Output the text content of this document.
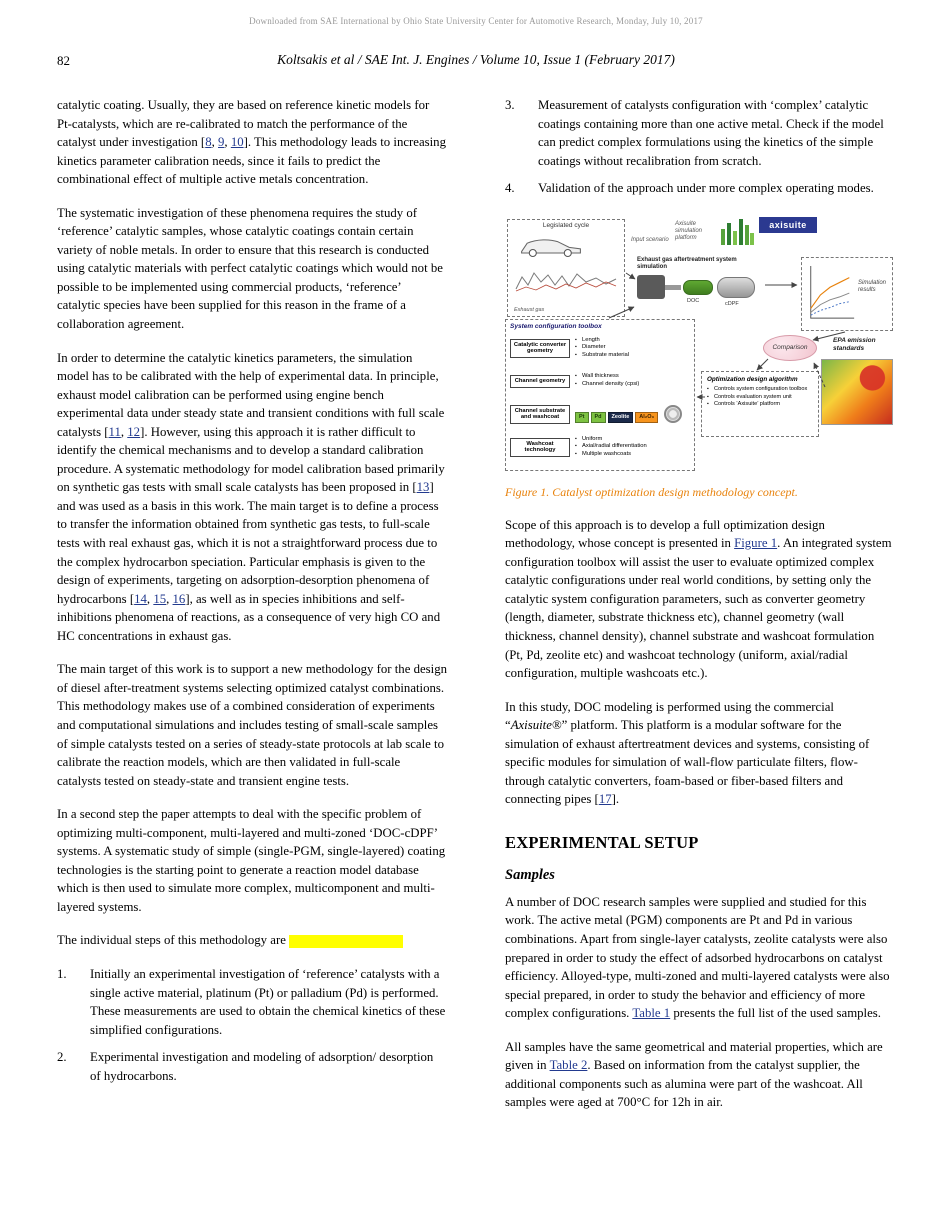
Downloaded from SAE International by Ohio State University Center for Automotive Research, Monday, July 10, 2017
82	Koltsakis et al / SAE Int. J. Engines / Volume 10, Issue 1 (February 2017)

catalytic coating. Usually, they are based on reference kinetic models for Pt-catalysts, which are re-calibrated to match the performance of the catalyst under investigation [8, 9, 10]. This methodology leads to increasing kinetics parameter calibration needs, since it fails to predict the combinational effect of multiple active metals concentration.

The systematic investigation of these phenomena requires the study of ‘reference’ catalytic samples, whose catalytic coatings contain certain variety of noble metals. In order to ensure that this research is conducted using catalytic materials with perfect catalytic coatings which would not be possible to be implemented using commercial products, ‘reference’ catalytic species have been supplied for this reason in the frame of a collaboration agreement.

In order to determine the catalytic kinetics parameters, the simulation model has to be calibrated with the help of experimental data. In principle, exhaust model calibration can be performed using engine bench experimental data under steady state and transient conditions with full scale catalysts [11, 12]. However, using this approach it is rather difficult to identify the chemical mechanisms and to develop a standard calibration procedure. A systematic methodology for model calibration based primarily on synthetic gas tests with small scale catalysts has been proposed in [13] and was used as a basis in this work. The main target is to define a process to transfer the information obtained from synthetic gas tests, to full-scale tests with real exhaust gas, which it is not a straightforward process due to the complex hydrocarbon speciation. Particular emphasis is given to the design of experiments, targeting on adsorption-desorption phenomena of hydrocarbons [14, 15, 16], as well as in species inhibitions and self-inhibitions phenomena of reactions, as a consequence of very high CO and HC concentrations in exhaust gas.

The main target of this work is to support a new methodology for the design of diesel after-treatment systems selecting optimized catalyst combinations. This methodology makes use of a combined consideration of experiments and computational simulations and includes testing of small-scale samples of simple catalysts tested on a series of steady-state protocols at lab scale to calibrate the reaction models, which are then validated in full-scale catalysts tested on steady-state and transient engine tests.

In a second step the paper attempts to deal with the specific problem of optimizing multi-component, multi-layered and multi-zoned ‘DOC-cDPF’ systems. A systematic study of simple (single-PGM, single-layered) coating technologies is the starting point to generate a reaction model database which is then used to simulate more complex, multicomponent and multi-layered systems.

The individual steps of this methodology are

1. Initially an experimental investigation of ‘reference’ catalysts with a single active material, platinum (Pt) or palladium (Pd) is performed. These measurements are used to obtain the chemical kinetics of these simplified configurations.
2. Experimental investigation and modeling of adsorption/ desorption of hydrocarbons.
3. Measurement of catalysts configuration with ‘complex’ catalytic coatings containing more than one active metal. Check if the model can predict complex formulations using the kinetics of the simple coatings without recalibration from scratch.
4. Validation of the approach under more complex operating modes.
Legislated cycle
Exhaust gas
Input scenario
Axisuite simulation platform
axisuite
Exhaust gas aftertreatment system simulation
DOC	cDPF
Simulation results
Comparison
EPA emission standards
System configuration toolbox
Catalytic converter geometry
▪ Length
▪ Diameter
▪ Substrate material
Channel geometry
▪ Wall thickness
▪ Channel density (cpsi)
Channel substrate and washcoat	Pt Pd Zeolite Al₂O₃
Washcoat technology
▪ Uniform
▪ Axial/radial differentiation
▪ Multiple washcoats
Optimization design algorithm
▪ Controls system configuration toolbox
▪ Controls evaluation system unit
▪ Controls ‘Axisuite’ platform

Figure 1. Catalyst optimization design methodology concept.

Scope of this approach is to develop a full optimization design methodology, whose concept is presented in Figure 1. An integrated system configuration toolbox will assist the user to evaluate optimized complex catalytic configurations under real world conditions, by setting only the catalytic system configuration parameters, such as converter geometry (length, diameter, substrate thickness etc), channel geometry (wall thickness, channel density), channel substrate and washcoat formulation (Pt, Pd, zeolite etc) and washcoat technology (uniform, axial/radial configuration, multiple washcoats etc.).

In this study, DOC modeling is performed using the commercial “Axisuite®” platform. This platform is a modular software for the simulation of exhaust aftertreatment devices and systems, consisting of specific modules for simulation of wall-flow particulate filters, flow-through catalytic converters, foam-based or fiber-based filters and connecting pipes [17].

EXPERIMENTAL SETUP
Samples

A number of DOC research samples were supplied and studied for this work. The active metal (PGM) components are Pt and Pd in various combinations. Apart from single-layer catalysts, zeolite catalysts were also prepared in order to study the effect of adsorbed hydrocarbons on catalyst efficiency. Alloyed-type, multi-zoned and multi-layered catalysts were also special prepared, in order to study the behavior and efficiency of more complex configurations. Table 1 presents the full list of the used samples.

All samples have the same geometrical and material properties, which are given in Table 2. Based on information from the catalyst supplier, the additional components such as alumina were part of the washcoat. All samples were aged at 700°C for 12h in air.
